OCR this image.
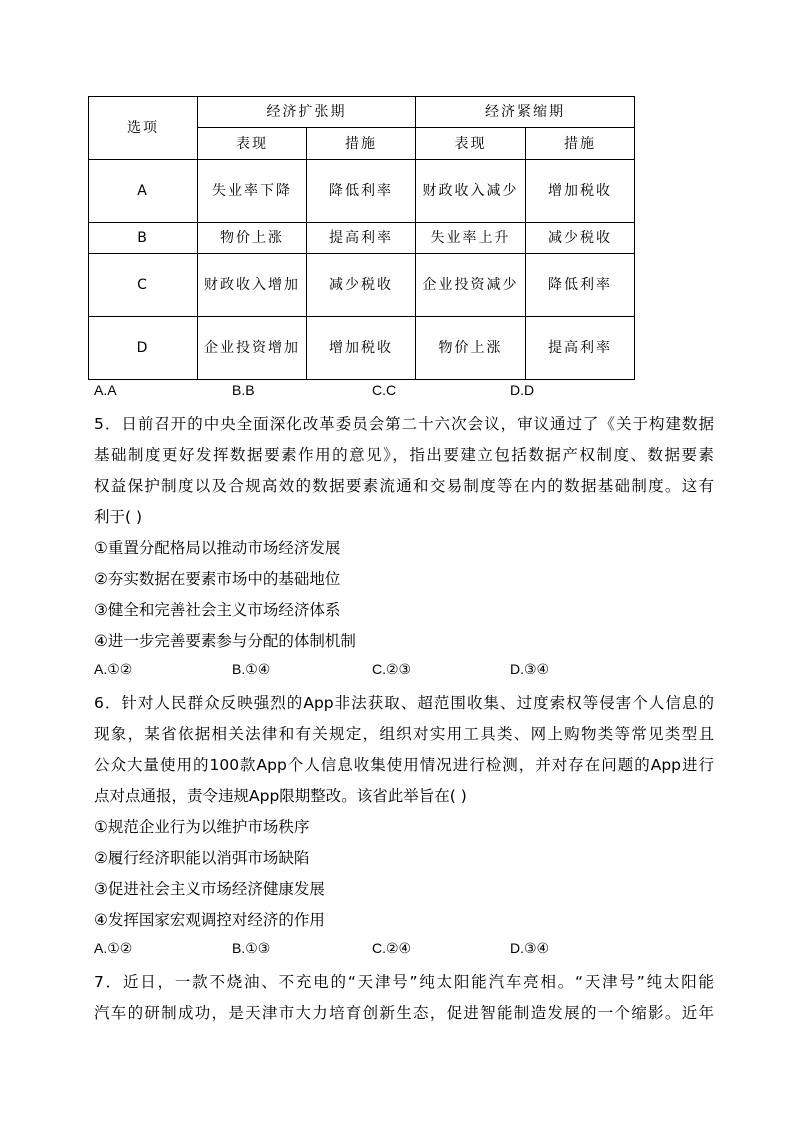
选项	经济扩张期		经济紧缩期	
	表现	措施	表现	措施
A	失业率下降	降低利率	财政收入减少	增加税收
B	物价上涨	提高利率	失业率上升	减少税收
C	财政收入增加	减少税收	企业投资减少	降低利率
D	企业投资增加	增加税收	物价上涨	提高利率
A.A	B.B	C.C	D.D
5．日前召开的中央全面深化改革委员会第二十六次会议，审议通过了《关于构建数据
基础制度更好发挥数据要素作用的意见》，指出要建立包括数据产权制度、数据要素
权益保护制度以及合规高效的数据要素流通和交易制度等在内的数据基础制度。这有
利于( )
①重置分配格局以推动市场经济发展
②夯实数据在要素市场中的基础地位
③健全和完善社会主义市场经济体系
④进一步完善要素参与分配的体制机制
A.①②	B.①④	C.②③	D.③④
6．针对人民群众反映强烈的App非法获取、超范围收集、过度索权等侵害个人信息的
现象，某省依据相关法律和有关规定，组织对实用工具类、网上购物类等常见类型且
公众大量使用的100款App个人信息收集使用情况进行检测，并对存在问题的App进行
点对点通报，责令违规App限期整改。该省此举旨在( )
①规范企业行为以维护市场秩序
②履行经济职能以消弭市场缺陷
③促进社会主义市场经济健康发展
④发挥国家宏观调控对经济的作用
A.①②	B.①③	C.②④	D.③④
7．近日，一款不烧油、不充电的“天津号”纯太阳能汽车亮相。“天津号”纯太阳能
汽车的研制成功，是天津市大力培育创新生态，促进智能制造发展的一个缩影。近年
